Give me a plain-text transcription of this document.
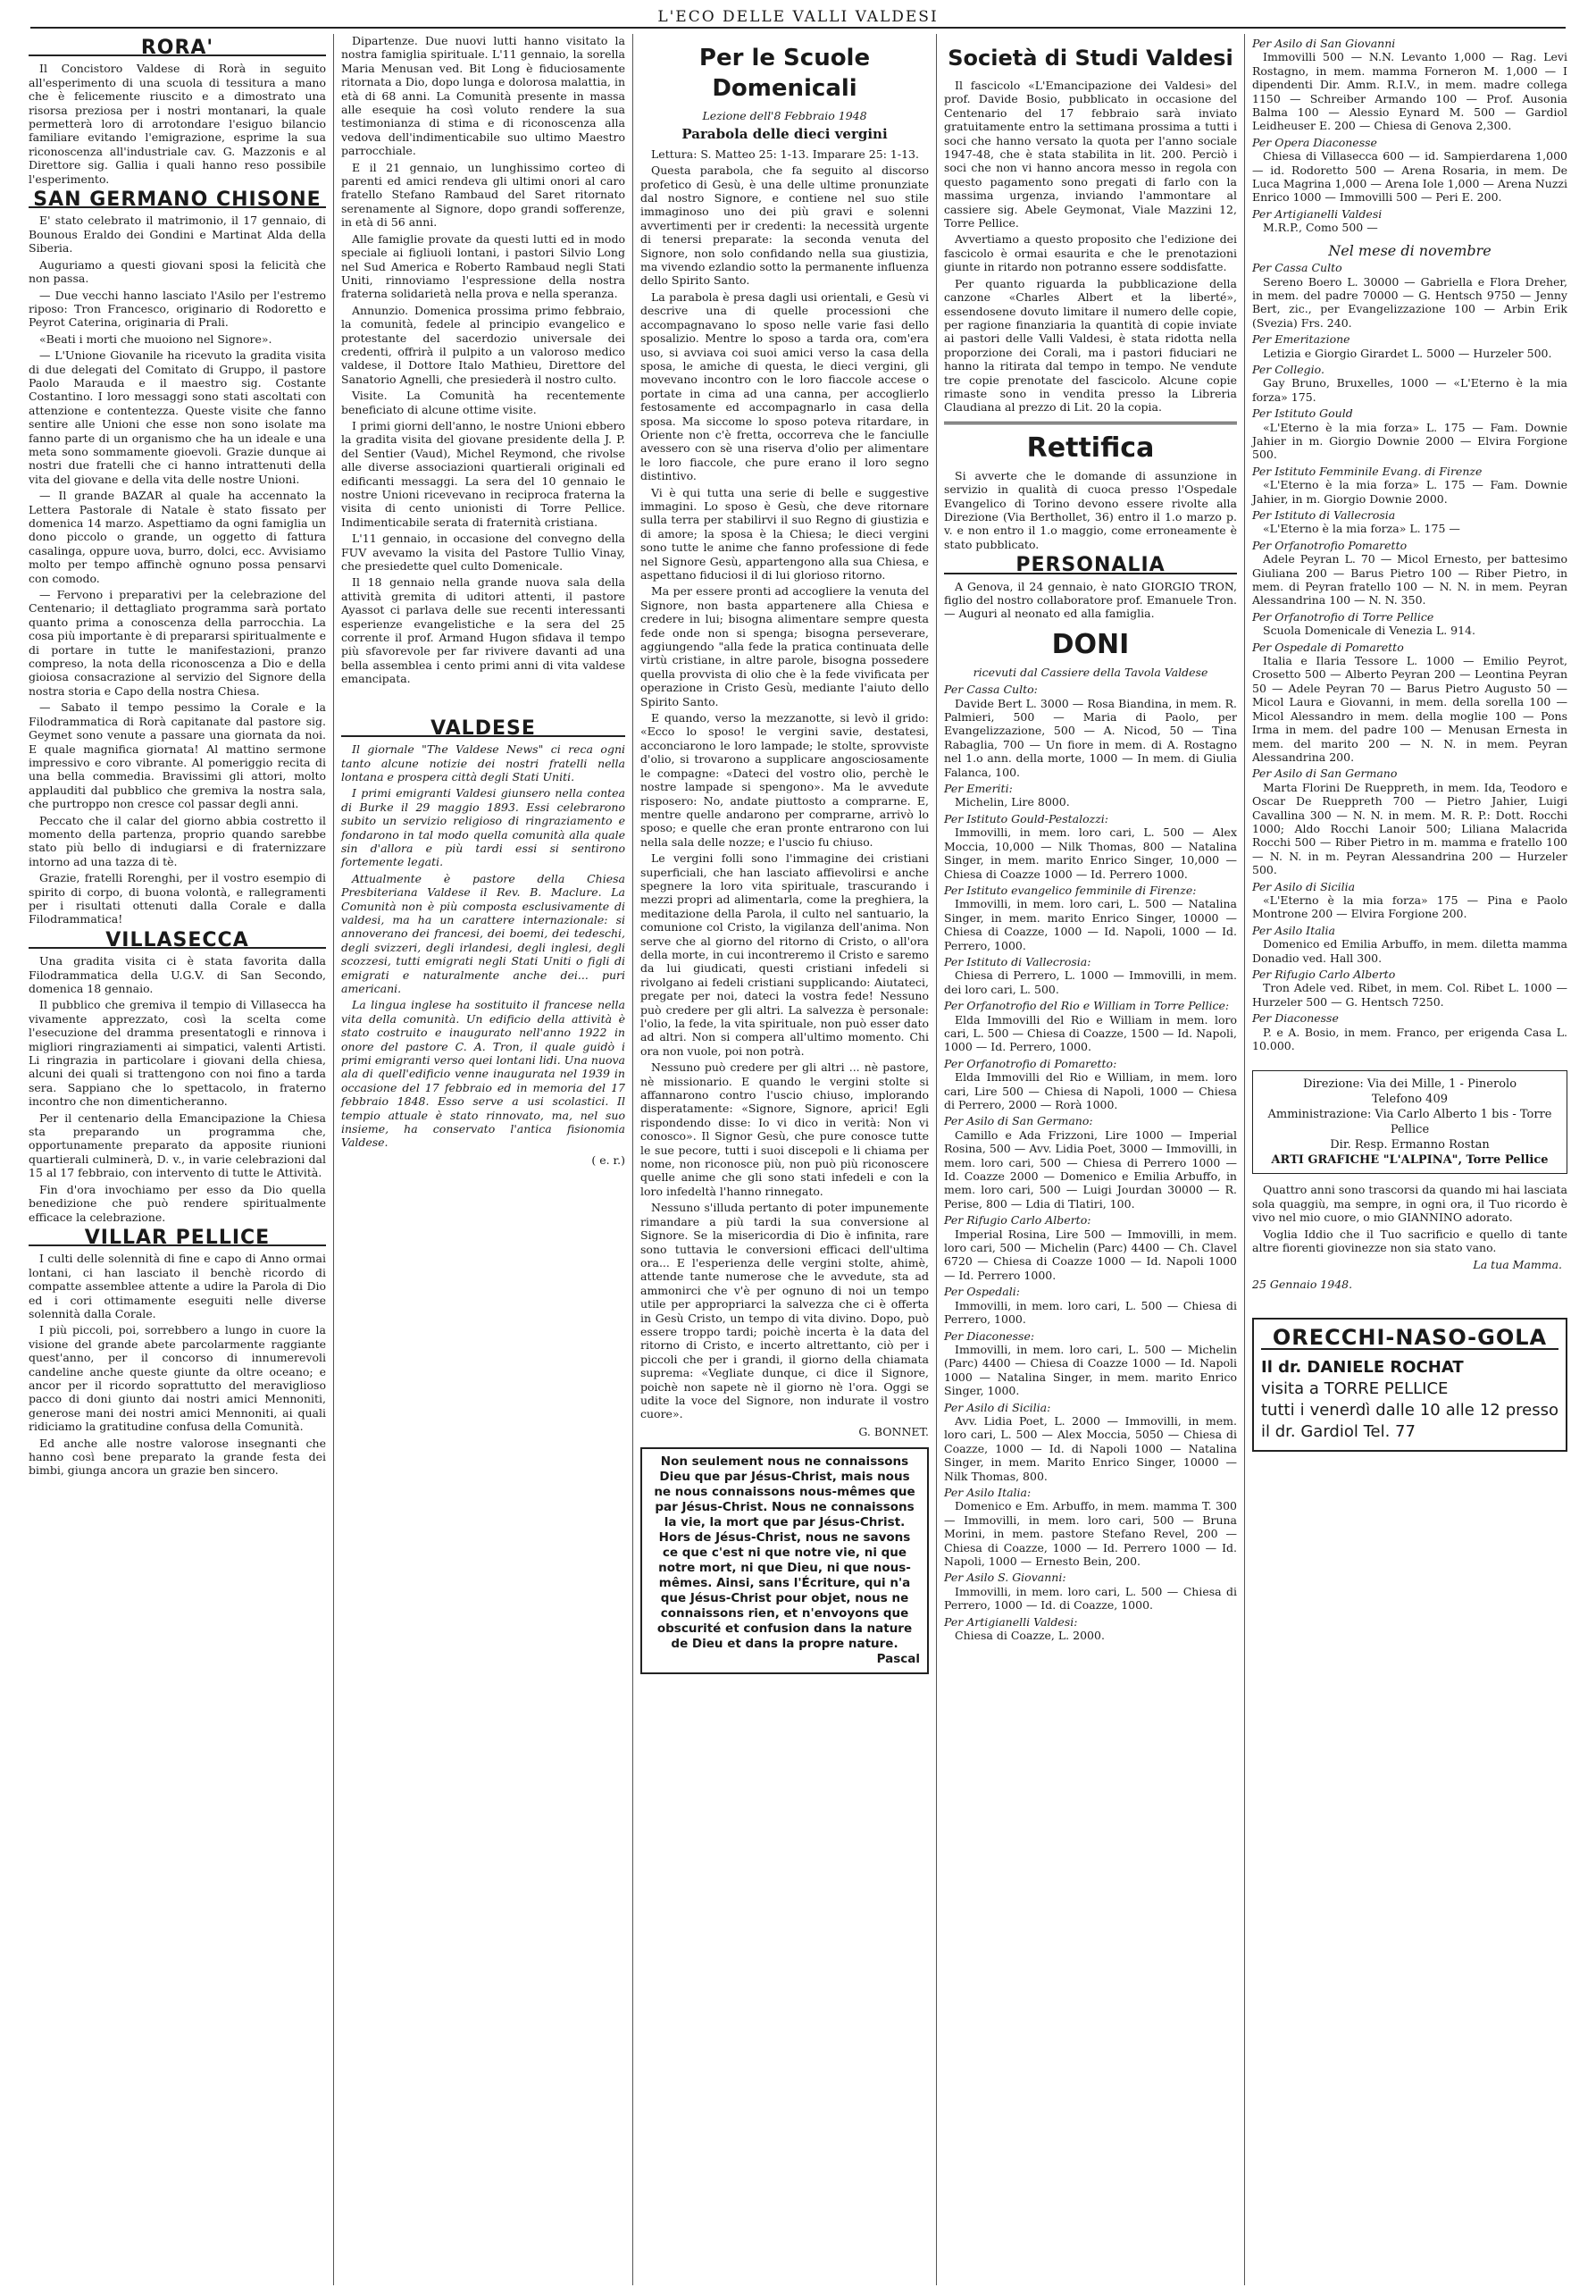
L'ECO DELLE VALLI VALDESI
RORA'

Il Concistoro Valdese di Rorà in seguito all'esperimento di una scuola di tessitura a mano che è felicemente riuscito e a dimostrato una risorsa preziosa per i nostri montanari, la quale permetterà loro di arrotondare l'esiguo bilancio familiare evitando l'emigrazione, esprime la sua riconoscenza all'industriale cav. G. Mazzonis e al Direttore sig. Gallia i quali hanno reso possibile l'esperimento.

SAN GERMANO CHISONE

E' stato celebrato il matrimonio, il 17 gennaio, di Bounous Eraldo dei Gondini e Martinat Alda della Siberia.

Auguriamo a questi giovani sposi la felicità che non passa.

— Due vecchi hanno lasciato l'Asilo per l'estremo riposo: Tron Francesco, originario di Rodoretto e Peyrot Caterina, originaria di Prali.

«Beati i morti che muoiono nel Signore».

— L'Unione Giovanile ha ricevuto la gradita visita di due delegati del Comitato di Gruppo, il pastore Paolo Marauda e il maestro sig. Costante Costantino. I loro messaggi sono stati ascoltati con attenzione e contentezza. Queste visite che fanno sentire alle Unioni che esse non sono isolate ma fanno parte di un organismo che ha un ideale e una meta sono sommamente gioevoli. Grazie dunque ai nostri due fratelli che ci hanno intrattenuti della vita del giovane e della vita delle nostre Unioni.

— Il grande BAZAR al quale ha accennato la Lettera Pastorale di Natale è stato fissato per domenica 14 marzo. Aspettiamo da ogni famiglia un dono piccolo o grande, un oggetto di fattura casalinga, oppure uova, burro, dolci, ecc. Avvisiamo molto per tempo affinchè ognuno possa pensarvi con comodo.

— Fervono i preparativi per la celebrazione del Centenario; il dettagliato programma sarà portato quanto prima a conoscenza della parrocchia. La cosa più importante è di prepararsi spiritualmente e di portare in tutte le manifestazioni, pranzo compreso, la nota della riconoscenza a Dio e della gioiosa consacrazione al servizio del Signore della nostra storia e Capo della nostra Chiesa.

— Sabato il tempo pessimo la Corale e la Filodrammatica di Rorà capitanate dal pastore sig. Geymet sono venute a passare una giornata da noi. E quale magnifica giornata! Al mattino sermone impressivo e coro vibrante. Al pomeriggio recita di una bella commedia. Bravissimi gli attori, molto applauditi dal pubblico che gremiva la nostra sala, che purtroppo non cresce col passar degli anni.

Peccato che il calar del giorno abbia costretto il momento della partenza, proprio quando sarebbe stato più bello di indugiarsi e di fraternizzare intorno ad una tazza di tè.

Grazie, fratelli Rorenghi, per il vostro esempio di spirito di corpo, di buona volontà, e rallegramenti per i risultati ottenuti dalla Corale e dalla Filodrammatica!

VILLASECCA

Una gradita visita ci è stata favorita dalla Filodrammatica della U.G.V. di San Secondo, domenica 18 gennaio.

Il pubblico che gremiva il tempio di Villasecca ha vivamente apprezzato, così la scelta come l'esecuzione del dramma presentatogli e rinnova i migliori ringraziamenti ai simpatici, valenti Artisti. Li ringrazia in particolare i giovani della chiesa, alcuni dei quali si trattengono con noi fino a tarda sera. Sappiano che lo spettacolo, in fraterno incontro che non dimenticheranno.

Per il centenario della Emancipazione la Chiesa sta preparando un programma che, opportunamente preparato da apposite riunioni quartierali culminerà, D. v., in varie celebrazioni dal 15 al 17 febbraio, con intervento di tutte le Attività.

Fin d'ora invochiamo per esso da Dio quella benedizione che può rendere spiritualmente efficace la celebrazione.

VILLAR PELLICE

I culti delle solennità di fine e capo di Anno ormai lontani, ci han lasciato il benchè ricordo di compatte assemblee attente a udire la Parola di Dio ed i cori ottimamente eseguiti nelle diverse solennità dalla Corale.

I più piccoli, poi, sorrebbero a lungo in cuore la visione del grande abete parcolarmente raggiante quest'anno, per il concorso di innumerevoli candeline anche queste giunte da oltre oceano; e ancor per il ricordo soprattutto del meraviglioso pacco di doni giunto dai nostri amici Mennoniti, generose mani dei nostri amici Mennoniti, ai quali ridiciamo la gratitudine confusa della Comunità.

Ed anche alle nostre valorose insegnanti che hanno così bene preparato la grande festa dei bimbi, giunga ancora un grazie ben sincero.

Dipartenze. Due nuovi lutti hanno visitato la nostra famiglia spirituale. L'11 gennaio, la sorella Maria Menusan ved. Bit Long è fiduciosamente ritornata a Dio, dopo lunga e dolorosa malattia, in età di 68 anni. La Comunità presente in massa alle esequie ha così voluto rendere la sua testimonianza di stima e di riconoscenza alla vedova dell'indimenticabile suo ultimo Maestro parrocchiale.

E il 21 gennaio, un lunghissimo corteo di parenti ed amici rendeva gli ultimi onori al caro fratello Stefano Rambaud del Saret ritornato serenamente al Signore, dopo grandi sofferenze, in età di 56 anni.

Alle famiglie provate da questi lutti ed in modo speciale ai figliuoli lontani, i pastori Silvio Long nel Sud America e Roberto Rambaud negli Stati Uniti, rinnoviamo l'espressione della nostra fraterna solidarietà nella prova e nella speranza.

Annunzio. Domenica prossima primo febbraio, la comunità, fedele al principio evangelico e protestante del sacerdozio universale dei credenti, offrirà il pulpito a un valoroso medico valdese, il Dottore Italo Mathieu, Direttore del Sanatorio Agnelli, che presiederà il nostro culto.

Visite. La Comunità ha recentemente beneficiato di alcune ottime visite.

I primi giorni dell'anno, le nostre Unioni ebbero la gradita visita del giovane presidente della J. P. del Sentier (Vaud), Michel Reymond, che rivolse alle diverse associazioni quartierali originali ed edificanti messaggi. La sera del 10 gennaio le nostre Unioni ricevevano in reciproca fraterna la visita di cento unionisti di Torre Pellice. Indimenticabile serata di fraternità cristiana.

L'11 gennaio, in occasione del convegno della FUV avevamo la visita del Pastore Tullio Vinay, che presiedette quel culto Domenicale.

Il 18 gennaio nella grande nuova sala della attività gremita di uditori attenti, il pastore Ayassot ci parlava delle sue recenti interessanti esperienze evangelistiche e la sera del 25 corrente il prof. Armand Hugon sfidava il tempo più sfavorevole per far rivivere davanti ad una bella assemblea i cento primi anni di vita valdese emancipata.

VALDESE

Il giornale "The Valdese News" ci reca ogni tanto alcune notizie dei nostri fratelli nella lontana e prospera città degli Stati Uniti.

I primi emigranti Valdesi giunsero nella contea di Burke il 29 maggio 1893. Essi celebrarono subito un servizio religioso di ringraziamento e fondarono in tal modo quella comunità alla quale sin d'allora e più tardi essi si sentirono fortemente legati.

Attualmente è pastore della Chiesa Presbiteriana Valdese il Rev. B. Maclure. La Comunità non è più composta esclusivamente di valdesi, ma ha un carattere internazionale: si annoverano dei francesi, dei boemi, dei tedeschi, degli svizzeri, degli irlandesi, degli inglesi, degli scozzesi, tutti emigrati negli Stati Uniti o figli di emigrati e naturalmente anche dei... puri americani.

La lingua inglese ha sostituito il francese nella vita della comunità. Un edificio della attività è stato costruito e inaugurato nell'anno 1922 in onore del pastore C. A. Tron, il quale guidò i primi emigranti verso quei lontani lidi. Una nuova ala di quell'edificio venne inaugurata nel 1939 in occasione del 17 febbraio ed in memoria del 17 febbraio 1848. Esso serve a usi scolastici. Il tempio attuale è stato rinnovato, ma, nel suo insieme, ha conservato l'antica fisionomia Valdese.

( e. r.)
Per le Scuole Domenicali
Lezione dell'8 Febbraio 1948
Parabola delle dieci vergini

Lettura: S. Matteo 25: 1-13. Imparare 25: 1-13.

Questa parabola, che fa seguito al discorso profetico di Gesù, è una delle ultime pronunziate dal nostro Signore, e contiene nel suo stile immaginoso uno dei più gravi e solenni avvertimenti per ir credenti: la necessità urgente di tenersi preparate: la seconda venuta del Signore, non solo confidando nella sua giustizia, ma vivendo ezlandio sotto la permanente influenza dello Spirito Santo.

La parabola è presa dagli usi orientali, e Gesù vi descrive una di quelle processioni che accompagnavano lo sposo nelle varie fasi dello sposalizio. Mentre lo sposo a tarda ora, com'era uso, si avviava coi suoi amici verso la casa della sposa, le amiche di questa, le dieci vergini, gli movevano incontro con le loro fiaccole accese o portate in cima ad una canna, per accoglierlo festosamente ed accompagnarlo in casa della sposa. Ma siccome lo sposo poteva ritardare, in Oriente non c'è fretta, occorreva che le fanciulle avessero con sè una riserva d'olio per alimentare le loro fiaccole, che pure erano il loro segno distintivo.

Vi è qui tutta una serie di belle e suggestive immagini. Lo sposo è Gesù, che deve ritornare sulla terra per stabilirvi il suo Regno di giustizia e di amore; la sposa è la Chiesa; le dieci vergini sono tutte le anime che fanno professione di fede nel Signore Gesù, appartengono alla sua Chiesa, e aspettano fiduciosi il di lui glorioso ritorno.

Ma per essere pronti ad accogliere la venuta del Signore, non basta appartenere alla Chiesa e credere in lui; bisogna alimentare sempre questa fede onde non si spenga; bisogna perseverare, aggiungendo "alla fede la pratica continuata delle virtù cristiane, in altre parole, bisogna possedere quella provvista di olio che è la fede vivificata per operazione in Cristo Gesù, mediante l'aiuto dello Spirito Santo.

E quando, verso la mezzanotte, si levò il grido: «Ecco lo sposo! le vergini savie, destatesi, acconciarono le loro lampade; le stolte, sprovviste d'olio, si trovarono a supplicare angosciosamente le compagne: «Dateci del vostro olio, perchè le nostre lampade si spengono». Ma le avvedute risposero: No, andate piuttosto a comprarne. E, mentre quelle andarono per comprarne, arrivò lo sposo; e quelle che eran pronte entrarono con lui nella sala delle nozze; e l'uscio fu chiuso.

Le vergini folli sono l'immagine dei cristiani superficiali, che han lasciato affievolirsi e anche spegnere la loro vita spirituale, trascurando i mezzi propri ad alimentarla, come la preghiera, la meditazione della Parola, il culto nel santuario, la comunione col Cristo, la vigilanza dell'anima. Non serve che al giorno del ritorno di Cristo, o all'ora della morte, in cui incontreremo il Cristo e saremo da lui giudicati, questi cristiani infedeli si rivolgano ai fedeli cristiani supplicando: Aiutateci, pregate per noi, dateci la vostra fede! Nessuno può credere per gli altri. La salvezza è personale: l'olio, la fede, la vita spirituale, non può esser dato ad altri. Non si compera all'ultimo momento. Chi ora non vuole, poi non potrà.

Nessuno può credere per gli altri ... nè pastore, nè missionario. E quando le vergini stolte si affannarono contro l'uscio chiuso, implorando disperatamente: «Signore, Signore, aprici! Egli rispondendo disse: Io vi dico in verità: Non vi conosco». Il Signor Gesù, che pure conosce tutte le sue pecore, tutti i suoi discepoli e li chiama per nome, non riconosce più, non può più riconoscere quelle anime che gli sono stati infedeli e con la loro infedeltà l'hanno rinnegato.

Nessuno s'illuda pertanto di poter impunemente rimandare a più tardi la sua conversione al Signore. Se la misericordia di Dio è infinita, rare sono tuttavia le conversioni efficaci dell'ultima ora... E l'esperienza delle vergini stolte, ahimè, attende tante numerose che le avvedute, sta ad ammonirci che v'è per ognuno di noi un tempo utile per appropriarci la salvezza che ci è offerta in Gesù Cristo, un tempo di vita divino. Dopo, può essere troppo tardi; poichè incerta è la data del ritorno di Cristo, e incerto altrettanto, ciò per i piccoli che per i grandi, il giorno della chiamata suprema: «Vegliate dunque, ci dice il Signore, poichè non sapete nè il giorno nè l'ora. Oggi se udite la voce del Signore, non indurate il vostro cuore».

G. BONNET.
Non seulement nous ne connaissons Dieu que par Jésus-Christ, mais nous ne nous connaissons nous-mêmes que par Jésus-Christ. Nous ne connaissons la vie, la mort que par Jésus-Christ. Hors de Jésus-Christ, nous ne savons ce que c'est ni que notre vie, ni que notre mort, ni que Dieu, ni que nous-mêmes. Ainsi, sans l'Écriture, qui n'a que Jésus-Christ pour objet, nous ne connaissons rien, et n'envoyons que obscurité et confusion dans la nature de Dieu et dans la propre nature.
Pascal
Società di Studi Valdesi

Il fascicolo «L'Emancipazione dei Valdesi» del prof. Davide Bosio, pubblicato in occasione del Centenario del 17 febbraio sarà inviato gratuitamente entro la settimana prossima a tutti i soci che hanno versato la quota per l'anno sociale 1947-48, che è stata stabilita in lit. 200. Perciò i soci che non vi hanno ancora messo in regola con questo pagamento sono pregati di farlo con la massima urgenza, inviando l'ammontare al cassiere sig. Abele Geymonat, Viale Mazzini 12, Torre Pellice.

Avvertiamo a questo proposito che l'edizione dei fascicolo è ormai esaurita e che le prenotazioni giunte in ritardo non potranno essere soddisfatte.

Per quanto riguarda la pubblicazione della canzone «Charles Albert et la liberté», essendosene dovuto limitare il numero delle copie, per ragione finanziaria la quantità di copie inviate ai pastori delle Valli Valdesi, è stata ridotta nella proporzione dei Corali, ma i pastori fiduciari ne hanno la ritirata dal tempo in tempo. Ne vendute tre copie prenotate del fascicolo. Alcune copie rimaste sono in vendita presso la Libreria Claudiana al prezzo di Lit. 20 la copia.

Rettifica

Si avverte che le domande di assunzione in servizio in qualità di cuoca presso l'Ospedale Evangelico di Torino devono essere rivolte alla Direzione (Via Berthollet, 36) entro il 1.o marzo p. v. e non entro il 1.o maggio, come erroneamente è stato pubblicato.

PERSONALIA

A Genova, il 24 gennaio, è nato GIORGIO TRON, figlio del nostro collaboratore prof. Emanuele Tron. — Auguri al neonato ed alla famiglia.

DONI
ricevuti dal Cassiere della Tavola Valdese
Per Cassa Culto:

Davide Bert L. 3000 — Rosa Biandina, in mem. R. Palmieri, 500 — Maria di Paolo, per Evangelizzazione, 500 — A. Nicod, 50 — Tina Rabaglia, 700 — Un fiore in mem. di A. Rostagno nel 1.o ann. della morte, 1000 — In mem. di Giulia Falanca, 100.

Per Emeriti:

Michelin, Lire 8000.

Per Istituto Gould-Pestalozzi:

Immovilli, in mem. loro cari, L. 500 — Alex Moccia, 10,000 — Nilk Thomas, 800 — Natalina Singer, in mem. marito Enrico Singer, 10,000 — Chiesa di Coazze 1000 — Id. Perrero 1000.

Per Istituto evangelico femminile di Firenze:

Immovilli, in mem. loro cari, L. 500 — Natalina Singer, in mem. marito Enrico Singer, 10000 — Chiesa di Coazze, 1000 — Id. Napoli, 1000 — Id. Perrero, 1000.

Per Istituto di Vallecrosia:

Chiesa di Perrero, L. 1000 — Immovilli, in mem. dei loro cari, L. 500.

Per Orfanotrofio del Rio e William in Torre Pellice:

Elda Immovilli del Rio e William in mem. loro cari, L. 500 — Chiesa di Coazze, 1500 — Id. Napoli, 1000 — Id. Perrero, 1000.

Per Orfanotrofio di Pomaretto:

Elda Immovilli del Rio e William, in mem. loro cari, Lire 500 — Chiesa di Napoli, 1000 — Chiesa di Perrero, 2000 — Rorà 1000.

Per Asilo di San Germano:

Camillo e Ada Frizzoni, Lire 1000 — Imperial Rosina, 500 — Avv. Lidia Poet, 3000 — Immovilli, in mem. loro cari, 500 — Chiesa di Perrero 1000 — Id. Coazze 2000 — Domenico e Emilia Arbuffo, in mem. loro cari, 500 — Luigi Jourdan 30000 — R. Perise, 800 — Ldia di Tlatiri, 100.

Per Rifugio Carlo Alberto:

Imperial Rosina, Lire 500 — Immovilli, in mem. loro cari, 500 — Michelin (Parc) 4400 — Ch. Clavel 6720 — Chiesa di Coazze 1000 — Id. Napoli 1000 — Id. Perrero 1000.

Per Ospedali:

Immovilli, in mem. loro cari, L. 500 — Chiesa di Perrero, 1000.

Per Diaconesse:

Immovilli, in mem. loro cari, L. 500 — Michelin (Parc) 4400 — Chiesa di Coazze 1000 — Id. Napoli 1000 — Natalina Singer, in mem. marito Enrico Singer, 1000.

Per Asilo di Sicilia:

Avv. Lidia Poet, L. 2000 — Immovilli, in mem. loro cari, L. 500 — Alex Moccia, 5050 — Chiesa di Coazze, 1000 — Id. di Napoli 1000 — Natalina Singer, in mem. Marito Enrico Singer, 10000 — Nilk Thomas, 800.

Per Asilo Italia:

Domenico e Em. Arbuffo, in mem. mamma T. 300 — Immovilli, in mem. loro cari, 500 — Bruna Morini, in mem. pastore Stefano Revel, 200 — Chiesa di Coazze, 1000 — Id. Perrero 1000 — Id. Napoli, 1000 — Ernesto Bein, 200.

Per Asilo S. Giovanni:

Immovilli, in mem. loro cari, L. 500 — Chiesa di Perrero, 1000 — Id. di Coazze, 1000.

Per Artigianelli Valdesi:

Chiesa di Coazze, L. 2000.

Per Asilo di San Giovanni

Immovilli 500 — N.N. Levanto 1,000 — Rag. Levi Rostagno, in mem. mamma Forneron M. 1,000 — I dipendenti Dir. Amm. R.I.V., in mem. madre collega 1150 — Schreiber Armando 100 — Prof. Ausonia Balma 100 — Alessio Eynard M. 500 — Gardiol Leidheuser E. 200 — Chiesa di Genova 2,300.

Per Opera Diaconesse

Chiesa di Villasecca 600 — id. Sampierdarena 1,000 — id. Rodoretto 500 — Arena Rosaria, in mem. De Luca Magrina 1,000 — Arena Iole 1,000 — Arena Nuzzi Enrico 1000 — Immovilli 500 — Peri E. 200.

Per Artigianelli Valdesi

M.R.P., Como 500 —

Nel mese di novembre
Per Cassa Culto

Sereno Boero L. 30000 — Gabriella e Flora Dreher, in mem. del padre 70000 — G. Hentsch 9750 — Jenny Bert, zic., per Evangelizzazione 100 — Arbin Erik (Svezia) Frs. 240.

Per Emeritazione

Letizia e Giorgio Girardet L. 5000 — Hurzeler 500.

Per Collegio.

Gay Bruno, Bruxelles, 1000 — «L'Eterno è la mia forza» 175.

Per Istituto Gould

«L'Eterno è la mia forza» L. 175 — Fam. Downie Jahier in m. Giorgio Downie 2000 — Elvira Forgione 500.

Per Istituto Femminile Evang. di Firenze

«L'Eterno è la mia forza» L. 175 — Fam. Downie Jahier, in m. Giorgio Downie 2000.

Per Istituto di Vallecrosia

«L'Eterno è la mia forza» L. 175 —

Per Orfanotrofio Pomaretto

Adele Peyran L. 70 — Micol Ernesto, per battesimo Giuliana 200 — Barus Pietro 100 — Riber Pietro, in mem. di Peyran fratello 100 — N. N. in mem. Peyran Alessandrina 100 — N. N. 350.

Per Orfanotrofio di Torre Pellice

Scuola Domenicale di Venezia L. 914.

Per Ospedale di Pomaretto

Italia e Ilaria Tessore L. 1000 — Emilio Peyrot, Crosetto 500 — Alberto Peyran 200 — Leontina Peyran 50 — Adele Peyran 70 — Barus Pietro Augusto 50 — Micol Laura e Giovanni, in mem. della sorella 100 — Micol Alessandro in mem. della moglie 100 — Pons Irma in mem. del padre 100 — Menusan Ernesta in mem. del marito 200 — N. N. in mem. Peyran Alessandrina 200.

Per Asilo di San Germano

Marta Florini De Rueppreth, in mem. Ida, Teodoro e Oscar De Rueppreth 700 — Pietro Jahier, Luigi Cavallina 300 — N. N. in mem. M. R. P.: Dott. Rocchi 1000; Aldo Rocchi Lanoir 500; Liliana Malacrida Rocchi 500 — Riber Pietro in m. mamma e fratello 100 — N. N. in m. Peyran Alessandrina 200 — Hurzeler 500.

Per Asilo di Sicilia

«L'Eterno è la mia forza» 175 — Pina e Paolo Montrone 200 — Elvira Forgione 200.

Per Asilo Italia

Domenico ed Emilia Arbuffo, in mem. diletta mamma Donadio ved. Hall 300.

Per Rifugio Carlo Alberto

Tron Adele ved. Ribet, in mem. Col. Ribet L. 1000 — Hurzeler 500 — G. Hentsch 7250.

Per Diaconesse

P. e A. Bosio, in mem. Franco, per erigenda Casa L. 10.000.

Direzione: Via dei Mille, 1 - Pinerolo
Telefono 409
Amministrazione: Via Carlo Alberto 1 bis - Torre Pellice
Dir. Resp. Ermanno Rostan

ARTI GRAFICHE "L'ALPINA", Torre Pellice

Quattro anni sono trascorsi da quando mi hai lasciata sola quaggiù, ma sempre, in ogni ora, il Tuo ricordo è vivo nel mio cuore, o mio GIANNINO adorato.

Voglia Iddio che il Tuo sacrificio e quello di tante altre fiorenti giovinezze non sia stato vano.

La tua Mamma.
25 Gennaio 1948.
ORECCHI-NASO-GOLA
Il dr. DANIELE ROCHAT
visita a TORRE PELLICE
tutti i venerdì dalle 10 alle 12 presso il dr. Gardiol Tel. 77
